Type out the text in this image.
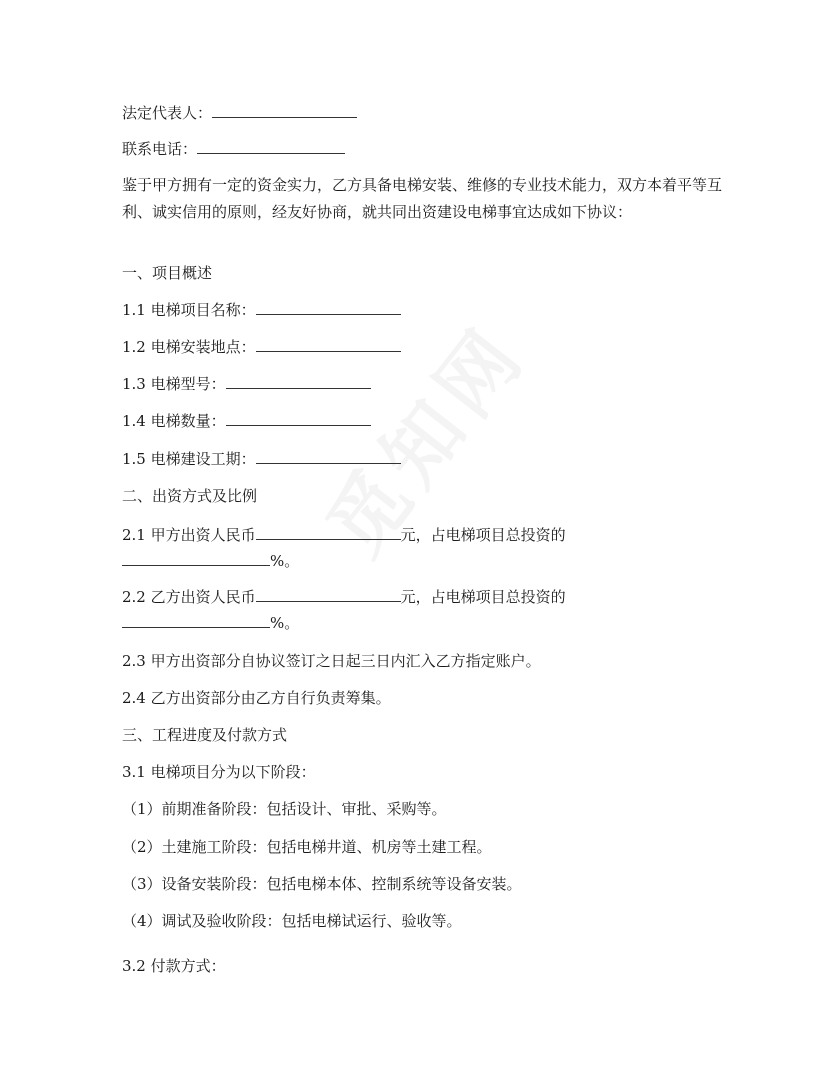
法定代表人：
联系电话：
鉴于甲方拥有一定的资金实力，乙方具备电梯安装、维修的专业技术能力，双方本着平等互利、诚实信用的原则，经友好协商，就共同出资建设电梯事宜达成如下协议：
一、项目概述
1.1 电梯项目名称：
1.2 电梯安装地点：
1.3 电梯型号：
1.4 电梯数量：
1.5 电梯建设工期：
二、出资方式及比例
2.1 甲方出资人民币	元，占电梯项目总投资的
%。
2.2 乙方出资人民币	元，占电梯项目总投资的
%。
2.3 甲方出资部分自协议签订之日起三日内汇入乙方指定账户。
2.4 乙方出资部分由乙方自行负责筹集。
三、工程进度及付款方式
3.1 电梯项目分为以下阶段：
（1）前期准备阶段：包括设计、审批、采购等。
（2）土建施工阶段：包括电梯井道、机房等土建工程。
（3）设备安装阶段：包括电梯本体、控制系统等设备安装。
（4）调试及验收阶段：包括电梯试运行、验收等。
3.2 付款方式：
